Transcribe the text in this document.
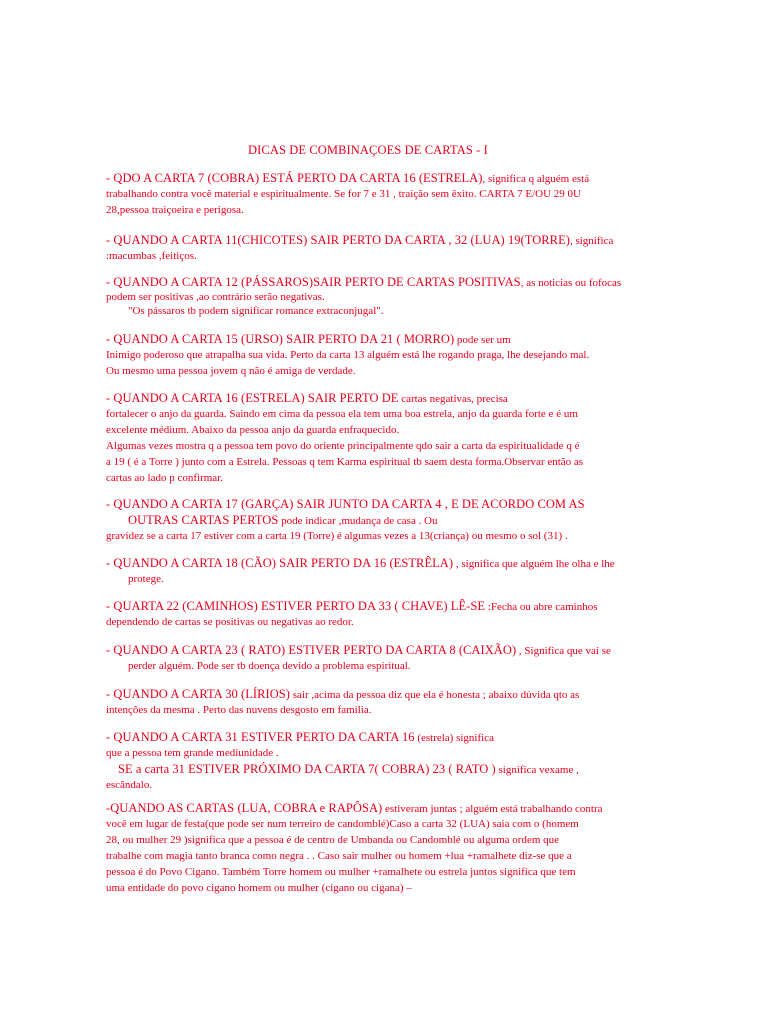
DICAS DE COMBINAÇOES DE CARTAS - I
- QDO A CARTA 7 (COBRA) ESTÁ PERTO DA CARTA 16 (ESTRELA), significa q alguém está
trabalhando contra você material e espiritualmente. Se for 7 e 31 , traição sem êxito. CARTA 7 E/OU 29 0U
28,pessoa traiçoeira e perigosa.
- QUANDO A CARTA 11(CHICOTES) SAIR PERTO DA CARTA , 32 (LUA) 19(TORRE), significa
:macumbas ,feitiços.
- QUANDO A CARTA 12 (PÁSSAROS)SAIR PERTO DE CARTAS POSITIVAS, as noticias ou fofocas
podem ser positivas ,ao contrário serão negativas.
"Os pássaros tb podem significar romance extraconjugal".
- QUANDO A CARTA 15 (URSO) SAIR PERTO DA 21 ( MORRO) pode ser um
Inimigo poderoso que atrapalha sua vida. Perto da carta 13 alguém está lhe rogando praga, lhe desejando mal.
Ou mesmo uma pessoa jovem q não é amiga de verdade.
- QUANDO A CARTA 16 (ESTRELA) SAIR PERTO DE cartas negativas, precisa
fortalecer o anjo da guarda. Saindo em cima da pessoa ela tem uma boa estrela, anjo da guarda forte e é um
excelente médium. Abaixo da pessoa anjo da guarda enfraquecido.
Algumas vezes mostra q a pessoa tem povo do oriente principalmente qdo sair a carta da espiritualidade q é
a 19 ( é a Torre ) junto com a Estrela. Pessoas q tem Karma espiritual tb saem desta forma.Observar então as
cartas ao lado p confirmar.
- QUANDO A CARTA 17 (GARÇA) SAIR JUNTO DA CARTA 4 , E DE ACORDO COM AS
OUTRAS CARTAS PERTOS pode indicar ,mudança de casa . Ou
gravidez se a carta 17 estiver com a carta 19 (Torre) é algumas vezes a 13(criança) ou mesmo o sol (31) .
- QUANDO A CARTA 18 (CÃO) SAIR PERTO DA 16 (ESTRÊLA) , significa que alguém lhe olha e lhe
protege.
- QUARTA 22 (CAMINHOS) ESTIVER PERTO DA 33 ( CHAVE) LÊ-SE :Fecha ou abre caminhos
dependendo de cartas se positivas ou negativas ao redor.
- QUANDO A CARTA 23 ( RATO) ESTIVER PERTO DA CARTA 8 (CAIXÃO) , Significa que vai se
perder alguém. Pode ser tb doença devido a problema espiritual.
- QUANDO A CARTA 30 (LÍRIOS) sair ,acima da pessoa diz que ela é honesta ; abaixo dúvida qto as
intenções da mesma . Perto das nuvens desgosto em família.
- QUANDO A CARTA 31 ESTIVER PERTO DA CARTA 16 (estrela) significa
que a pessoa tem grande mediunidade .
SE a carta 31 ESTIVER PRÓXIMO DA CARTA 7( COBRA) 23 ( RATO ) significa vexame ,
escândalo.
-QUANDO AS CARTAS (LUA, COBRA e RAPÔSA) estiveram juntas ; alguém está trabalhando contra
você em lugar de festa(que pode ser num terreiro de candomblé)Caso a carta 32 (LUA) saia com o (homem
28, ou mulher 29 )significa que a pessoa é de centro de Umbanda ou Candomblé ou alguma ordem que
trabalhe com magia tanto branca como negra . . Caso sair mulher ou homem +lua +ramalhete diz-se que a
pessoa é do Povo Cigano. Também Torre homem ou mulher +ramalhete ou estrela juntos significa que tem
uma entidade do povo cigano homem ou mulher (cigano ou cigana) –
